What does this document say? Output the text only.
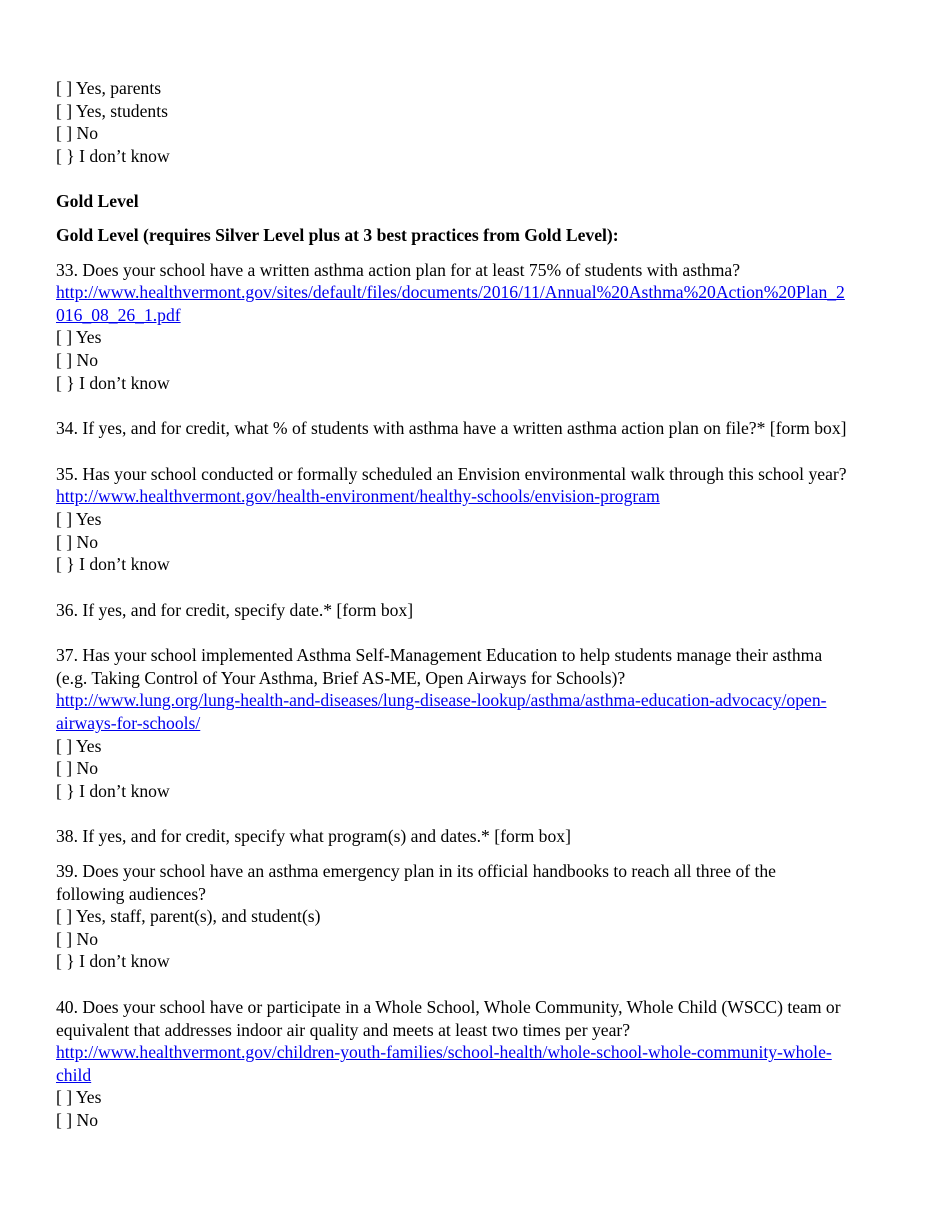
[ ] Yes, parents

[ ] Yes, students

[ ] No

[ } I don’t know

Gold Level

Gold Level (requires Silver Level plus at 3 best practices from Gold Level):

33. Does your school have a written asthma action plan for at least 75% of students with asthma?

http://www.healthvermont.gov/sites/default/files/documents/2016/11/Annual%20Asthma%20Action%20Plan_2

016_08_26_1.pdf

[ ] Yes

[ ] No

[ } I don’t know

34. If yes, and for credit, what % of students with asthma have a written asthma action plan on file?* [form box]

35. Has your school conducted or formally scheduled an Envision environmental walk through this school year?

http://www.healthvermont.gov/health-environment/healthy-schools/envision-program

[ ] Yes

[ ] No

[ } I don’t know

36. If yes, and for credit, specify date.* [form box]

37. Has your school implemented Asthma Self-Management Education to help students manage their asthma

(e.g. Taking Control of Your Asthma, Brief AS-ME, Open Airways for Schools)?

http://www.lung.org/lung-health-and-diseases/lung-disease-lookup/asthma/asthma-education-advocacy/open-

airways-for-schools/

[ ] Yes

[ ] No

[ } I don’t know

38. If yes, and for credit, specify what program(s) and dates.* [form box]

39. Does your school have an asthma emergency plan in its official handbooks to reach all three of the

following audiences?

[ ] Yes, staff, parent(s), and student(s)

[ ] No

[ } I don’t know

40. Does your school have or participate in a Whole School, Whole Community, Whole Child (WSCC) team or

equivalent that addresses indoor air quality and meets at least two times per year?

http://www.healthvermont.gov/children-youth-families/school-health/whole-school-whole-community-whole-

child

[ ] Yes

[ ] No
